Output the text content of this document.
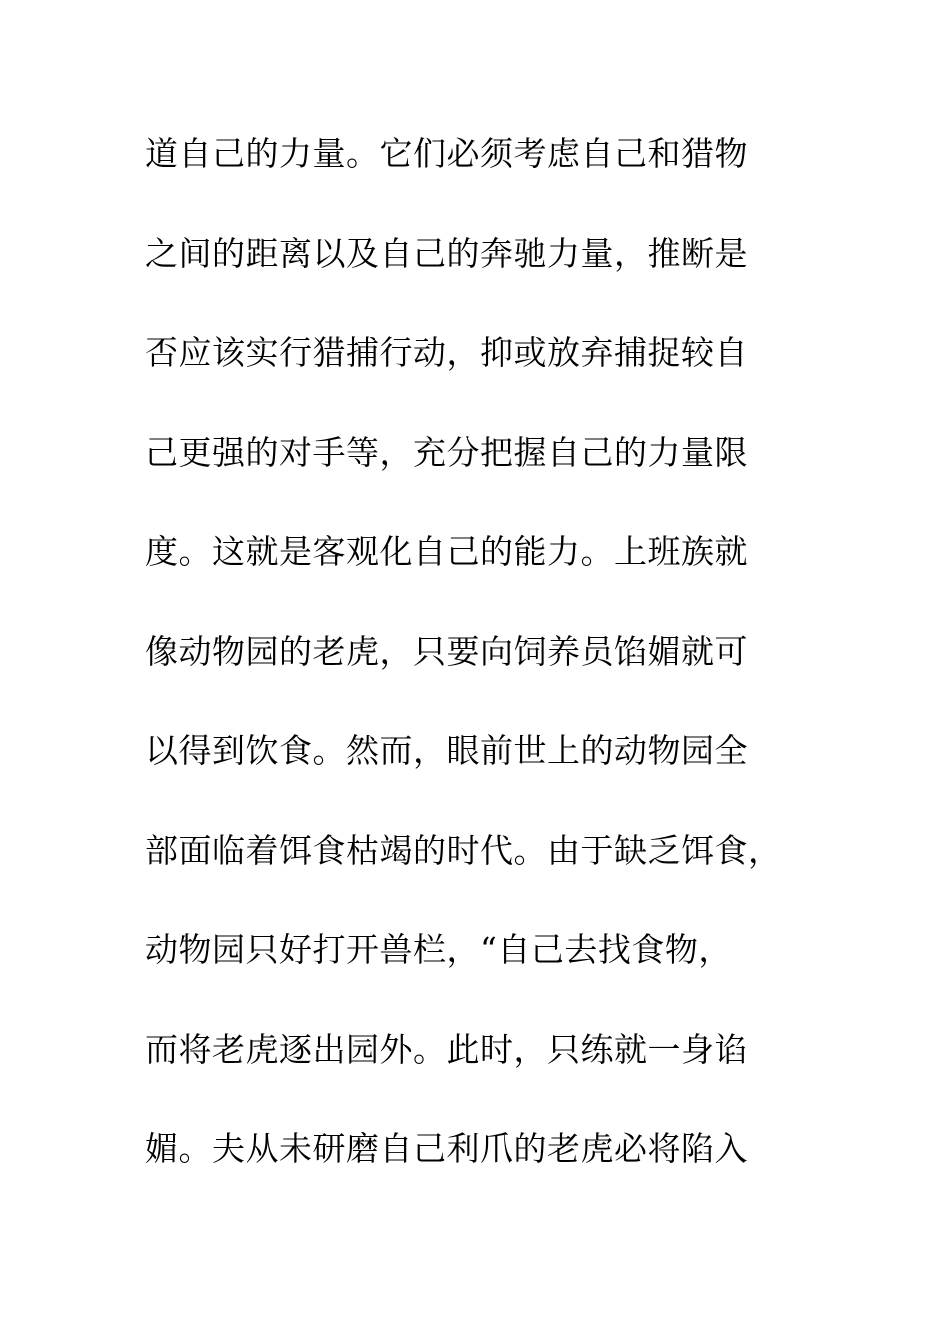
道自己的力量。它们必须考虑自己和猎物
之间的距离以及自己的奔驰力量，推断是
否应该实行猎捕行动，抑或放弃捕捉较自
己更强的对手等，充分把握自己的力量限
度。这就是客观化自己的能力。上班族就
像动物园的老虎，只要向饲养员馅媚就可
以得到饮食。然而，眼前世上的动物园全
部面临着饵食枯竭的时代。由于缺乏饵食，
动物园只好打开兽栏，“自己去找食物，
而将老虎逐出园外。此时，只练就一身谄
媚。夫从未研磨自己利爪的老虎必将陷入
